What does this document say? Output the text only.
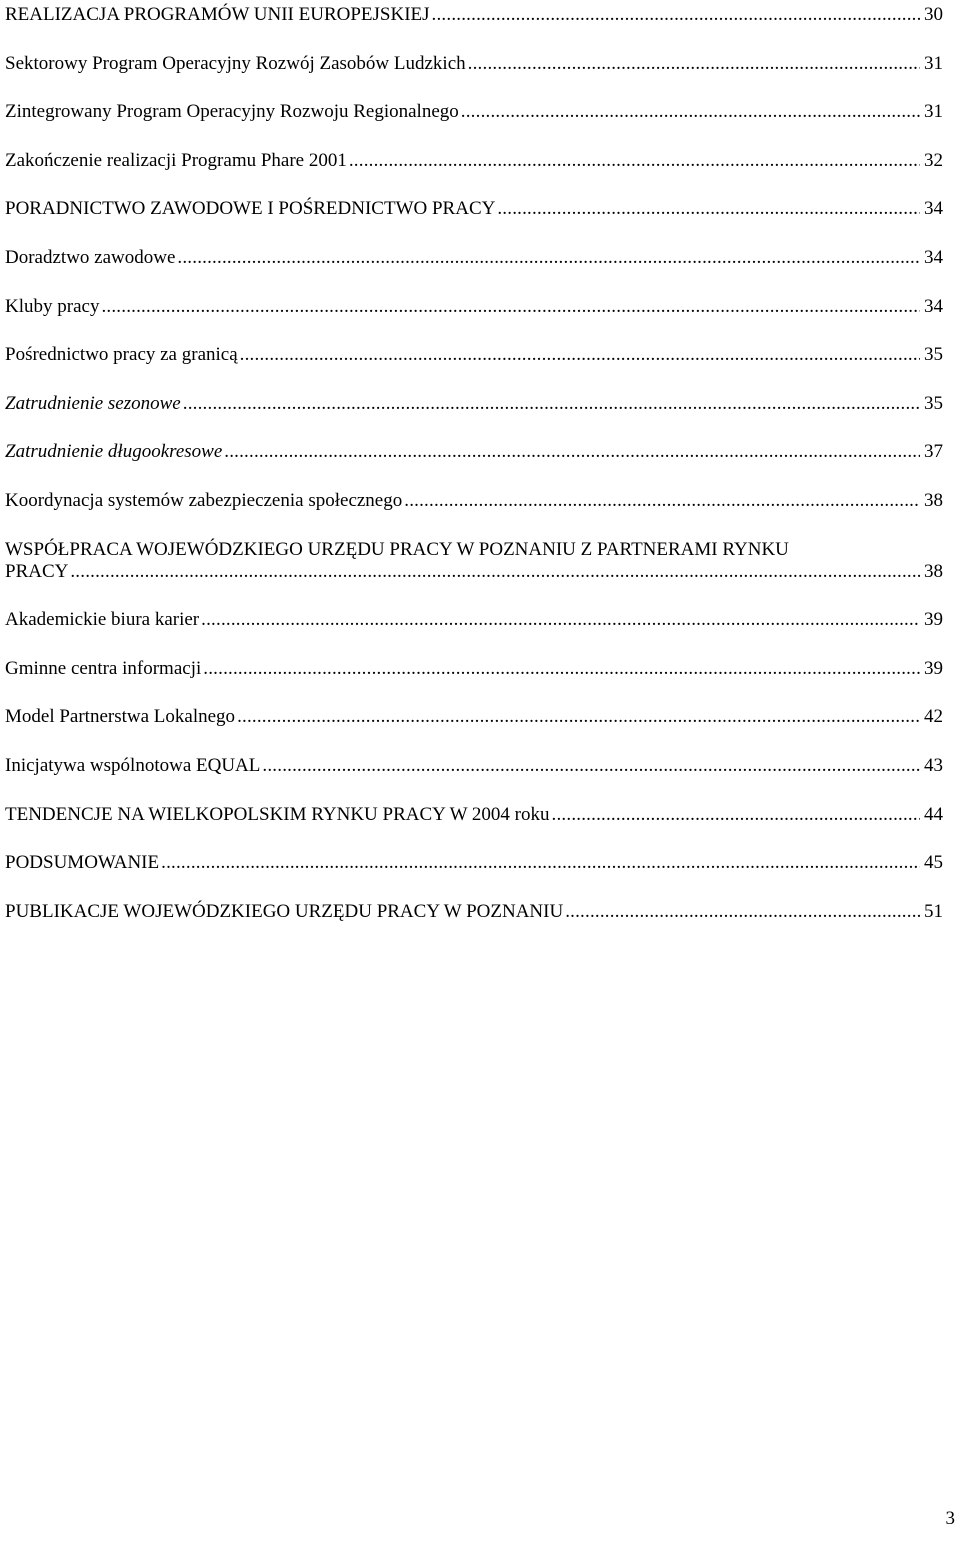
REALIZACJA PROGRAMÓW UNII EUROPEJSKIEJ .....	30
Sektorowy Program Operacyjny Rozwój Zasobów Ludzkich .....	31
Zintegrowany Program Operacyjny Rozwoju Regionalnego .....	31
Zakończenie realizacji Programu Phare 2001 .....	32
PORADNICTWO ZAWODOWE I POŚREDNICTWO PRACY .....	34
Doradztwo zawodowe .....	34
Kluby pracy .....	34
Pośrednictwo pracy za granicą .....	35
Zatrudnienie sezonowe .....	35
Zatrudnienie długookresowe .....	37
Koordynacja systemów zabezpieczenia społecznego .....	38
WSPÓŁPRACA WOJEWÓDZKIEGO URZĘDU PRACY W POZNANIU Z PARTNERAMI RYNKU
PRACY .....	38
Akademickie biura karier .....	39
Gminne centra informacji .....	39
Model Partnerstwa Lokalnego .....	42
Inicjatywa wspólnotowa EQUAL .....	43
TENDENCJE NA WIELKOPOLSKIM RYNKU PRACY W 2004 roku .....	44
PODSUMOWANIE .....	45
PUBLIKACJE WOJEWÓDZKIEGO URZĘDU PRACY W POZNANIU .....	51
3
